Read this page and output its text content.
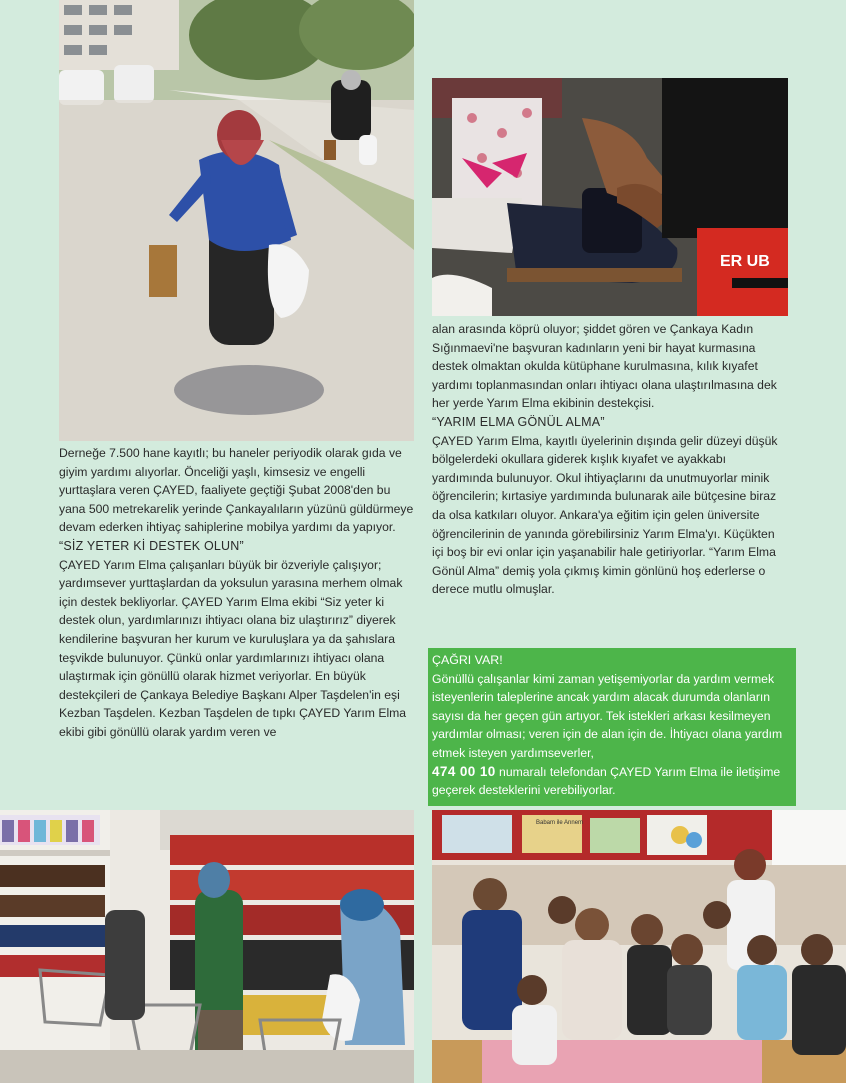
ER UB

Derneğe 7.500 hane kayıtlı; bu haneler periyodik olarak gıda ve giyim yardımı alıyorlar. Önceliği yaşlı, kimsesiz ve engelli yurttaşlara veren ÇAYED, faaliyete geçtiği Şubat 2008'den bu yana 500 metrekarelik yerinde Çankayalıların yüzünü güldürmeye devam ederken ihtiyaç sahiplerine mobilya yardımı da yapıyor.

“SİZ YETER Kİ DESTEK OLUN”

ÇAYED Yarım Elma çalışanları büyük bir özveriyle çalışıyor; yardımsever yurttaşlardan da yoksulun yarasına merhem olmak için destek bekliyorlar. ÇAYED Yarım Elma ekibi “Siz yeter ki destek olun, yardımlarınızı ihtiyacı olana biz ulaştırırız” diyerek kendilerine başvuran her kurum ve kuruluşlara ya da şahıslara teşvikde bulunuyor. Çünkü onlar yardımlarınızı ihtiyacı olana ulaştırmak için gönüllü olarak hizmet veriyorlar. En büyük destekçileri de Çankaya Belediye Başkanı Alper Taşdelen'in eşi Kezban Taşdelen. Kezban Taşdelen de tıpkı ÇAYED Yarım Elma ekibi gibi gönüllü olarak yardım veren ve

alan arasında köprü oluyor; şiddet gören ve Çankaya Kadın Sığınmaevi'ne başvuran kadınların yeni bir hayat kurmasına destek olmaktan okulda kütüphane kurulmasına, kılık kıyafet yardımı toplanmasından onları ihtiyacı olana ulaştırılmasına dek her yerde Yarım Elma ekibinin destekçisi.

“YARIM ELMA GÖNÜL ALMA”

ÇAYED Yarım Elma, kayıtlı üyelerinin dışında gelir düzeyi düşük bölgelerdeki okullara giderek kışlık kıyafet ve ayakkabı yardımında bulunuyor. Okul ihtiyaçlarını da unutmuyorlar minik öğrencilerin; kırtasiye yardımında bulunarak aile bütçesine biraz da olsa katkıları oluyor. Ankara'ya eğitim için gelen üniversite öğrencilerinin de yanında görebilirsiniz Yarım Elma'yı. Küçükten içi boş bir evi onlar için yaşanabilir hale getiriyorlar. “Yarım Elma Gönül Alma” demiş yola çıkmış kimin gönlünü hoş ederlerse o derece mutlu olmuşlar.

ÇAĞRI VAR!
Gönüllü çalışanlar kimi zaman yetişemiyorlar da yardım vermek isteyenlerin taleplerine ancak yardım alacak durumda olanların sayısı da her geçen gün artıyor. Tek istekleri arkası kesilmeyen yardımlar olması; veren için de alan için de. İhtiyacı olana yardım etmek isteyen yardımseverler,
474 00 10 numaralı telefondan ÇAYED Yarım Elma ile iletişime geçerek desteklerini verebiliyorlar.
Babam ile Annem
